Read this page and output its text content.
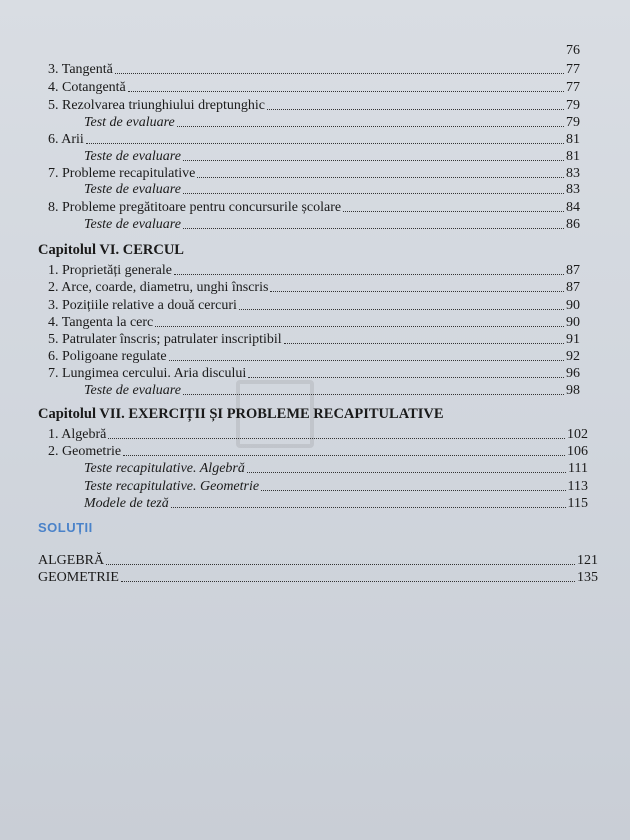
76
3. Tangentă	77
4. Cotangentă	77
5. Rezolvarea triunghiului dreptunghic	79
Test de evaluare	79
6. Arii	81
Teste de evaluare	81
7. Probleme recapitulative	83
Teste de evaluare	83
8. Probleme pregătitoare pentru concursurile școlare	84
Teste de evaluare	86
Capitolul VI. CERCUL
1. Proprietăți generale	87
2. Arce, coarde, diametru, unghi înscris	87
3. Pozițiile relative a două cercuri	90
4. Tangenta la cerc	90
5. Patrulater înscris; patrulater inscriptibil	91
6. Poligoane regulate	92
7. Lungimea cercului. Aria discului	96
Teste de evaluare	98
Capitolul VII. EXERCIȚII ȘI PROBLEME RECAPITULATIVE
1. Algebră	102
2. Geometrie	106
Teste recapitulative. Algebră	111
Teste recapitulative. Geometrie	113
Modele de teză	115
SOLUȚII
ALGEBRĂ	121
GEOMETRIE	135
